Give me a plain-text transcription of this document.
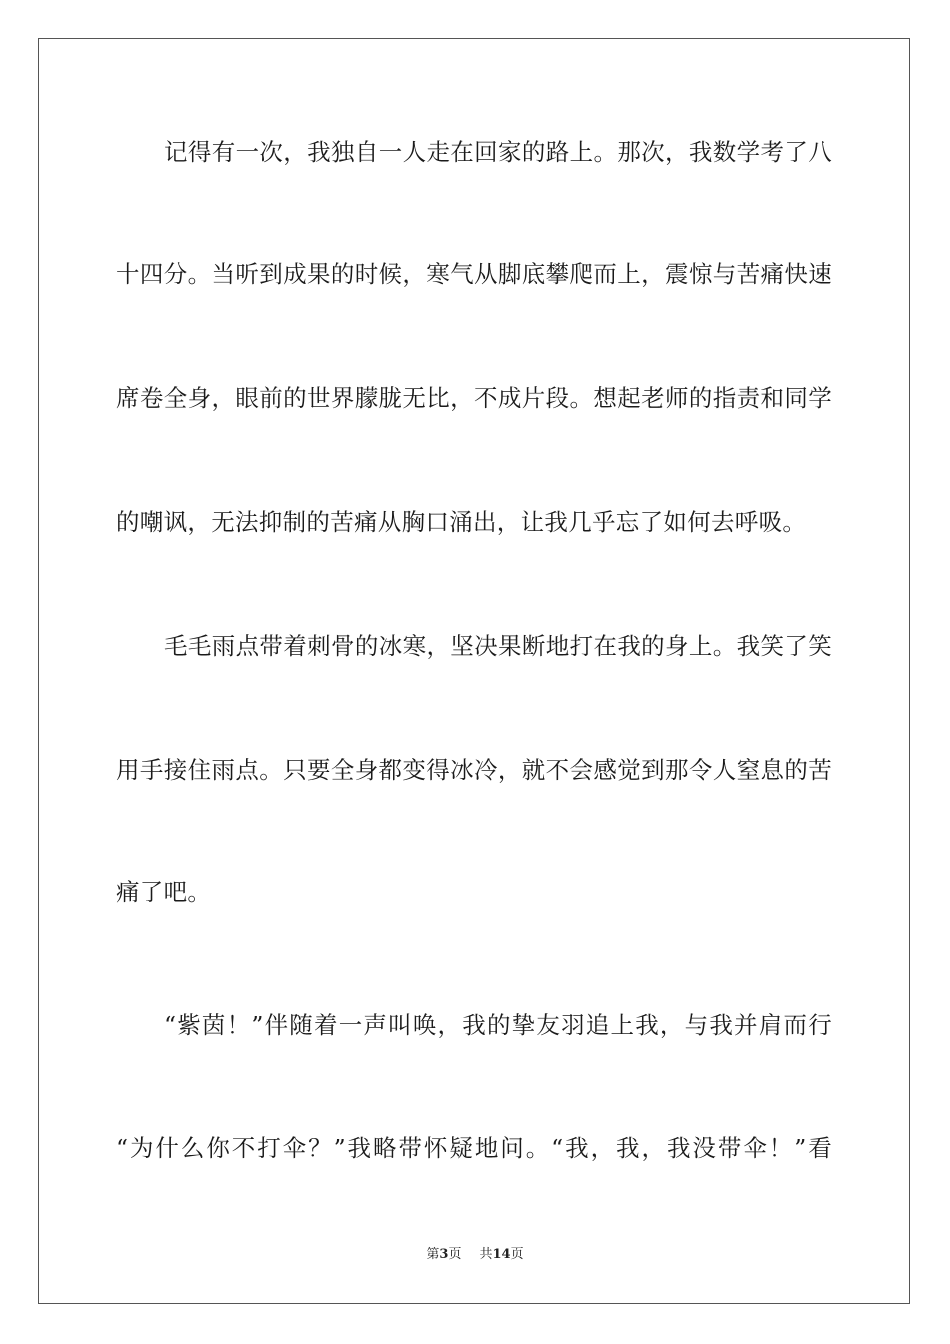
记得有一次，我独自一人走在回家的路上。那次，我数学考了八
十四分。当听到成果的时候，寒气从脚底攀爬而上，震惊与苦痛快速
席卷全身，眼前的世界朦胧无比，不成片段。想起老师的指责和同学
的嘲讽，无法抑制的苦痛从胸口涌出，让我几乎忘了如何去呼吸。
毛毛雨点带着刺骨的冰寒，坚决果断地打在我的身上。我笑了笑
用手接住雨点。只要全身都变得冰冷，就不会感觉到那令人窒息的苦
痛了吧。
“紫茵！”伴随着一声叫唤，我的挚友羽追上我，与我并肩而行
“为什么你不打伞？”我略带怀疑地问。“我，我，我没带伞！”看
第3页 共14页
